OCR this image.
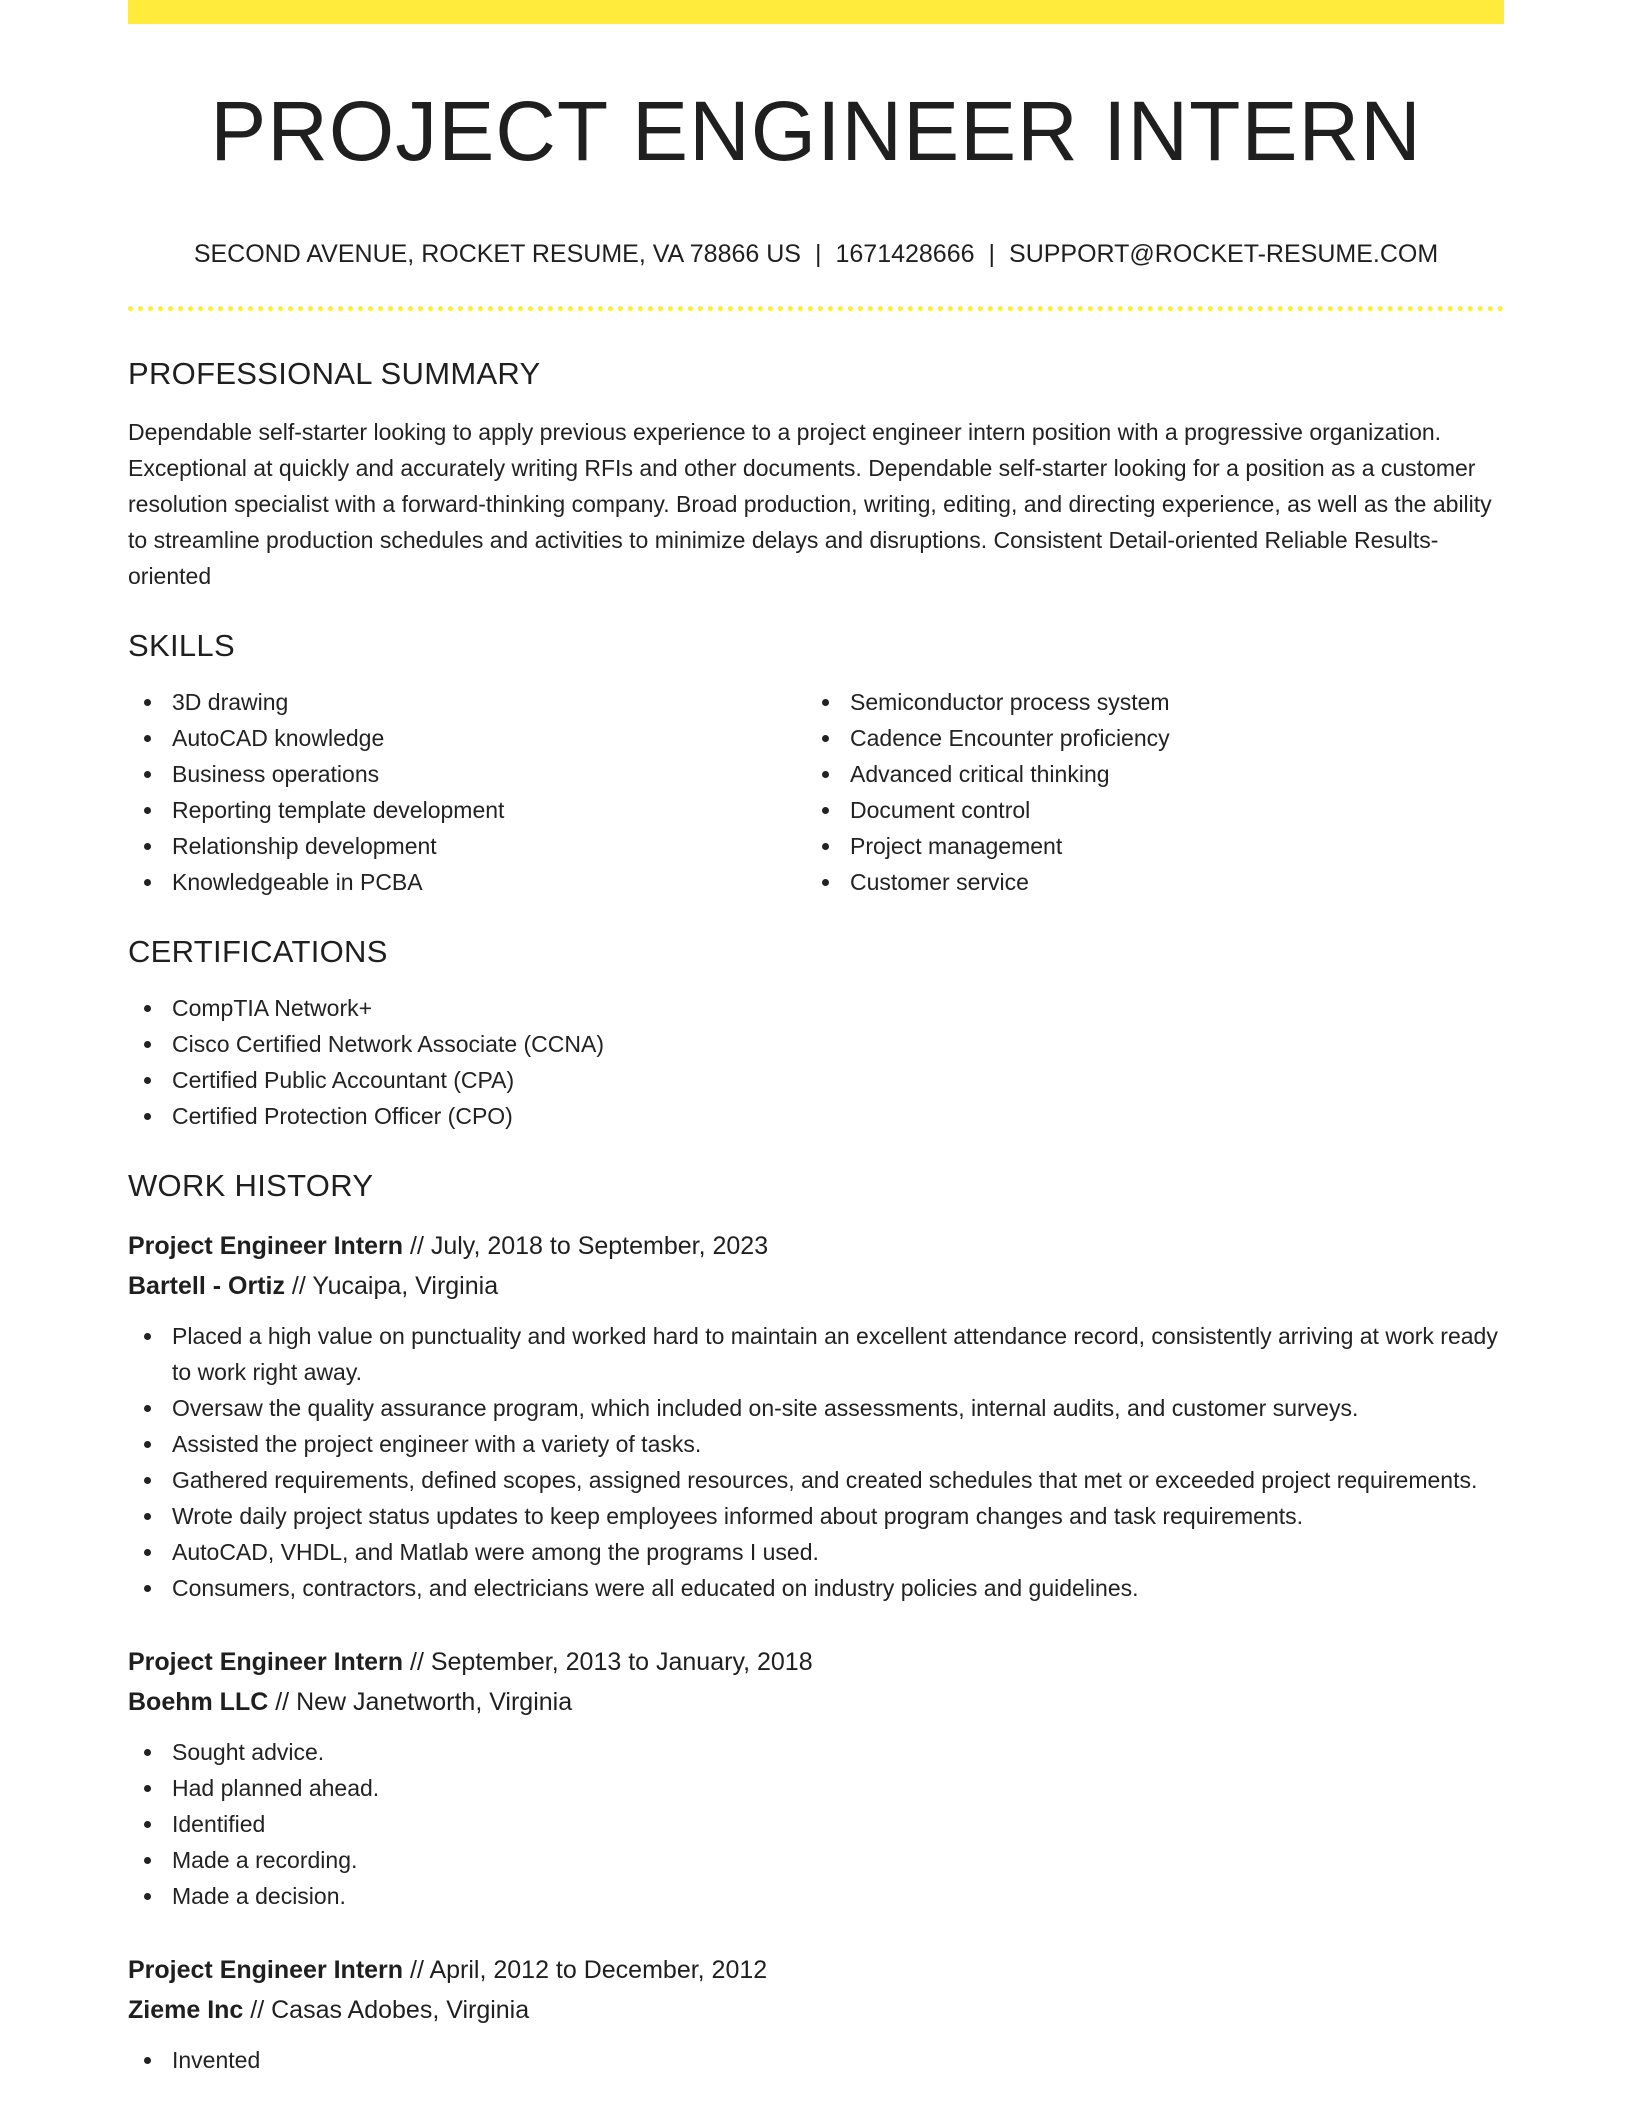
PROJECT ENGINEER INTERN
SECOND AVENUE, ROCKET RESUME, VA 78866 US | 1671428666 | SUPPORT@ROCKET-RESUME.COM
PROFESSIONAL SUMMARY

Dependable self-starter looking to apply previous experience to a project engineer intern position with a progressive organization. Exceptional at quickly and accurately writing RFIs and other documents. Dependable self-starter looking for a position as a customer resolution specialist with a forward-thinking company. Broad production, writing, editing, and directing experience, as well as the ability to streamline production schedules and activities to minimize delays and disruptions. Consistent Detail-oriented Reliable Results-oriented

SKILLS
3D drawing
AutoCAD knowledge
Business operations
Reporting template development
Relationship development
Knowledgeable in PCBA
Semiconductor process system
Cadence Encounter proficiency
Advanced critical thinking
Document control
Project management
Customer service
CERTIFICATIONS
CompTIA Network+
Cisco Certified Network Associate (CCNA)
Certified Public Accountant (CPA)
Certified Protection Officer (CPO)
WORK HISTORY
Project Engineer Intern // July, 2018 to September, 2023
Bartell - Ortiz // Yucaipa, Virginia
Placed a high value on punctuality and worked hard to maintain an excellent attendance record, consistently arriving at work ready to work right away.
Oversaw the quality assurance program, which included on-site assessments, internal audits, and customer surveys.
Assisted the project engineer with a variety of tasks.
Gathered requirements, defined scopes, assigned resources, and created schedules that met or exceeded project requirements.
Wrote daily project status updates to keep employees informed about program changes and task requirements.
AutoCAD, VHDL, and Matlab were among the programs I used.
Consumers, contractors, and electricians were all educated on industry policies and guidelines.
Project Engineer Intern // September, 2013 to January, 2018
Boehm LLC // New Janetworth, Virginia
Sought advice.
Had planned ahead.
Identified
Made a recording.
Made a decision.
Project Engineer Intern // April, 2012 to December, 2012
Zieme Inc // Casas Adobes, Virginia
Invented
